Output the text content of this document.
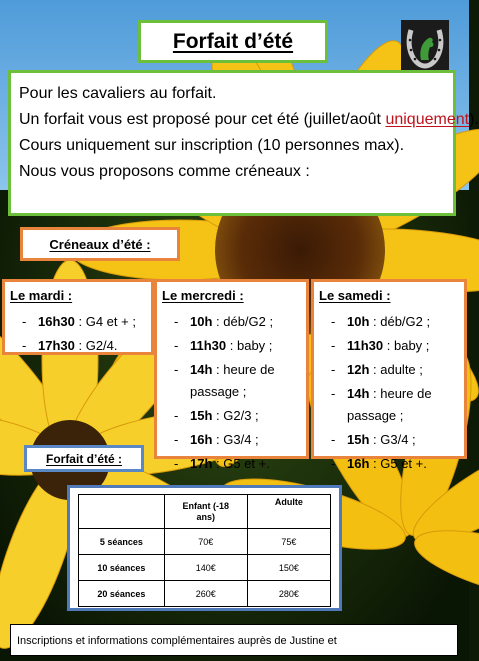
Forfait d’été

Pour les cavaliers au forfait.

Un forfait vous est proposé pour cet été (juillet/août uniquement).

Cours uniquement sur inscription (10 personnes max).

Nous vous proposons comme créneaux :

Créneaux d’été :

Le mardi :

- 16h30 : G4 et + ;
- 17h30 : G2/4.

Le mercredi :

- 10h : déb/G2 ;
- 11h30 : baby ;
- 14h : heure de passage ;
- 15h : G2/3 ;
- 16h : G3/4 ;
- 17h : G5 et +.

Le samedi :

- 10h : déb/G2 ;
- 11h30 : baby ;
- 12h : adulte ;
- 14h : heure de passage ;
- 15h : G3/4 ;
- 16h : G5 et +.
Forfait d’été :
	Enfant (-18 ans)	Adulte
5 séances	70€	75€
10 séances	140€	150€
20 séances	260€	280€
Inscriptions et informations complémentaires auprès de Justine et
